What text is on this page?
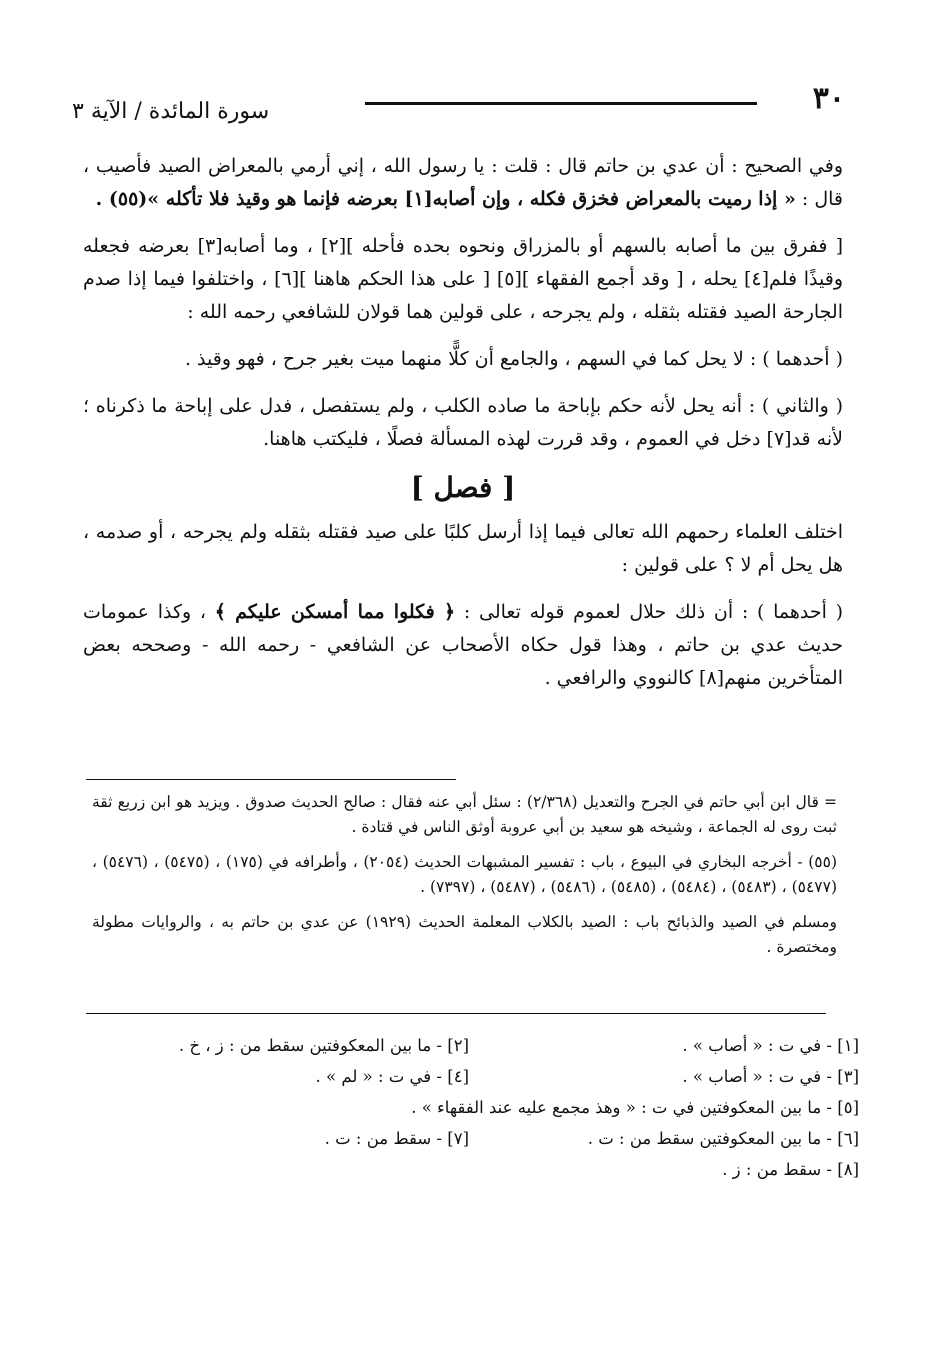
٣٠
سورة المائدة / الآية ٣

وفي الصحيح : أن عدي بن حاتم قال : قلت : يا رسول الله ، إني أرمي بالمعراض الصيد فأصيب ، قال : « إذا رميت بالمعراض فخزق فكله ، وإن أصابه[١] بعرضه فإنما هو وقيذ فلا تأكله »(٥٥) .

[ ففرق بين ما أصابه بالسهم أو بالمزراق ونحوه بحده فأحله ][٢] ، وما أصابه[٣] بعرضه فجعله وقيذًا فلم[٤] يحله ، [ وقد أجمع الفقهاء ][٥] [ على هذا الحكم هاهنا ][٦] ، واختلفوا فيما إذا صدم الجارحة الصيد فقتله بثقله ، ولم يجرحه ، على قولين هما قولان للشافعي رحمه الله :

( أحدهما ) : لا يحل كما في السهم ، والجامع أن كلًّا منهما ميت بغير جرح ، فهو وقيذ .

( والثاني ) : أنه يحل لأنه حكم بإباحة ما صاده الكلب ، ولم يستفصل ، فدل على إباحة ما ذكرناه ؛ لأنه قد[٧] دخل في العموم ، وقد قررت لهذه المسألة فصلًا ، فليكتب هاهنا.

[ فصل ]

اختلف العلماء رحمهم الله تعالى فيما إذا أرسل كلبًا على صيد فقتله بثقله ولم يجرحه ، أو صدمه ، هل يحل أم لا ؟ على قولين :

( أحدهما ) : أن ذلك حلال لعموم قوله تعالى : ﴿ فكلوا مما أمسكن عليكم ﴾ ، وكذا عمومات حديث عدي بن حاتم ، وهذا قول حكاه الأصحاب عن الشافعي - رحمه الله - وصححه بعض المتأخرين منهم[٨] كالنووي والرافعي .

= قال ابن أبي حاتم في الجرح والتعديل (٢/٣٦٨) : سئل أبي عنه فقال : صالح الحديث صدوق . ويزيد هو ابن زريع ثقة ثبت روى له الجماعة ، وشيخه هو سعيد بن أبي عروبة أوثق الناس في قتادة .

(٥٥) - أخرجه البخاري في البيوع ، باب : تفسير المشبهات الحديث (٢٠٥٤) ، وأطرافه في (١٧٥) ، (٥٤٧٥) ، (٥٤٧٦) ، (٥٤٧٧) ، (٥٤٨٣) ، (٥٤٨٤) ، (٥٤٨٥) ، (٥٤٨٦) ، (٥٤٨٧) ، (٧٣٩٧) .

ومسلم في الصيد والذبائح باب : الصيد بالكلاب المعلمة الحديث (١٩٢٩) عن عدي بن حاتم به ، والروايات مطولة ومختصرة .

[١] - في ت : « أصاب » .
[٢] - ما بين المعكوفتين سقط من : ز ، خ .
[٣] - في ت : « أصاب » .
[٤] - في ت : « لم » .
[٥] - ما بين المعكوفتين في ت : « وهذ مجمع عليه عند الفقهاء » .
[٦] - ما بين المعكوفتين سقط من : ت .
[٧] - سقط من : ت .
[٨] - سقط من : ز .
